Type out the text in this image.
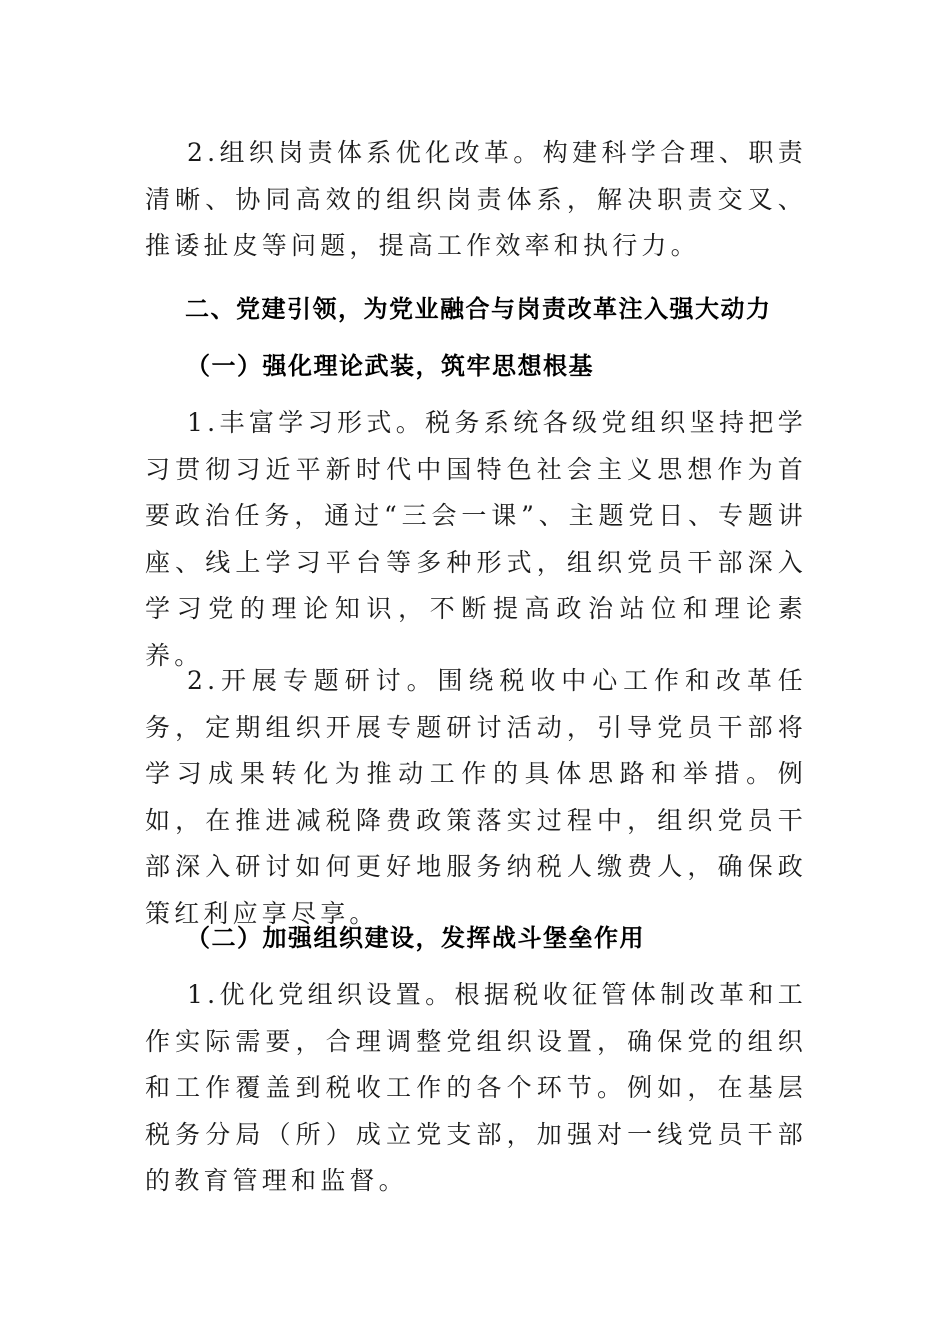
2.组织岗责体系优化改革。构建科学合理、职责清晰、协同高效的组织岗责体系，解决职责交叉、推诿扯皮等问题，提高工作效率和执行力。

二、党建引领，为党业融合与岗责改革注入强大动力
（一）强化理论武装，筑牢思想根基

1.丰富学习形式。税务系统各级党组织坚持把学习贯彻习近平新时代中国特色社会主义思想作为首要政治任务，通过“三会一课”、主题党日、专题讲座、线上学习平台等多种形式，组织党员干部深入学习党的理论知识，不断提高政治站位和理论素养。

2.开展专题研讨。围绕税收中心工作和改革任务，定期组织开展专题研讨活动，引导党员干部将学习成果转化为推动工作的具体思路和举措。例如，在推进减税降费政策落实过程中，组织党员干部深入研讨如何更好地服务纳税人缴费人，确保政策红利应享尽享。

（二）加强组织建设，发挥战斗堡垒作用

1.优化党组织设置。根据税收征管体制改革和工作实际需要，合理调整党组织设置，确保党的组织和工作覆盖到税收工作的各个环节。例如，在基层税务分局（所）成立党支部，加强对一线党员干部的教育管理和监督。
